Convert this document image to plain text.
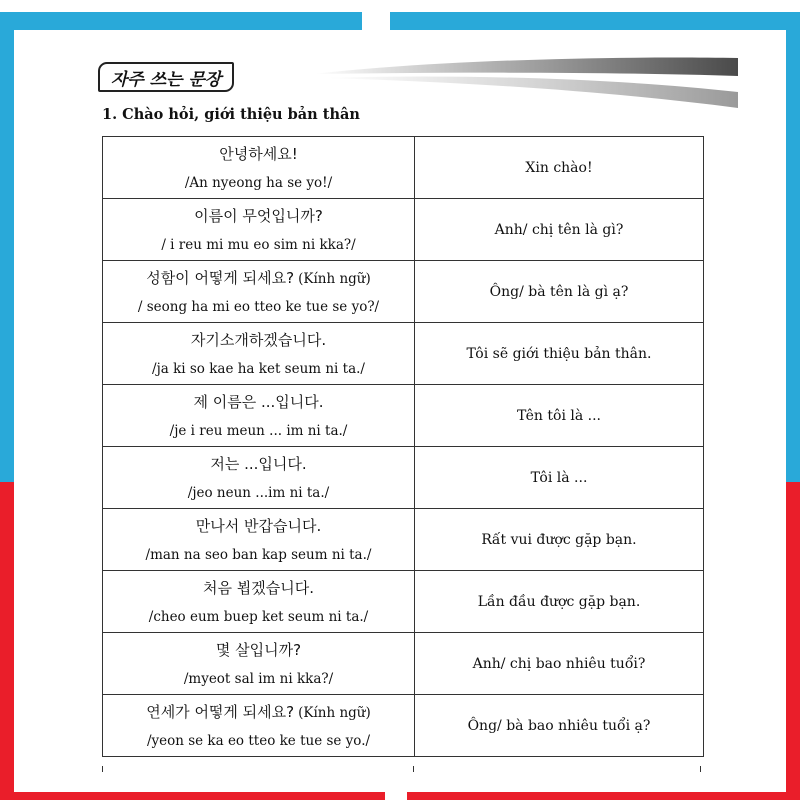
자주 쓰는 문장
1. Chào hỏi, giới thiệu bản thân
안녕하세요!
/An nyeong ha se yo!/	Xin chào!

이름이 무엇입니까?
/ i reu mi mu eo sim ni kka?/	Anh/ chị tên là gì?

성함이 어떻게 되세요? (Kính ngữ)
/ seong ha mi eo tteo ke tue se yo?/	Ông/ bà tên là gì ạ?

자기소개하겠습니다.
/ja ki so kae ha ket seum ni ta./	Tôi sẽ giới thiệu bản thân.

제 이름은 ...입니다.
/je i reu meun ... im ni ta./	Tên tôi là ...

저는 ...입니다.
/jeo neun ...im ni ta./	Tôi là ...

만나서 반갑습니다.
/man na seo ban kap seum ni ta./	Rất vui được gặp bạn.

처음 뵙겠습니다.
/cheo eum buep ket seum ni ta./	Lần đầu được gặp bạn.

몇 살입니까?
/myeot sal im ni kka?/	Anh/ chị bao nhiêu tuổi?

연세가 어떻게 되세요? (Kính ngữ)
/yeon se ka eo tteo ke tue se yo./	Ông/ bà bao nhiêu tuổi ạ?
